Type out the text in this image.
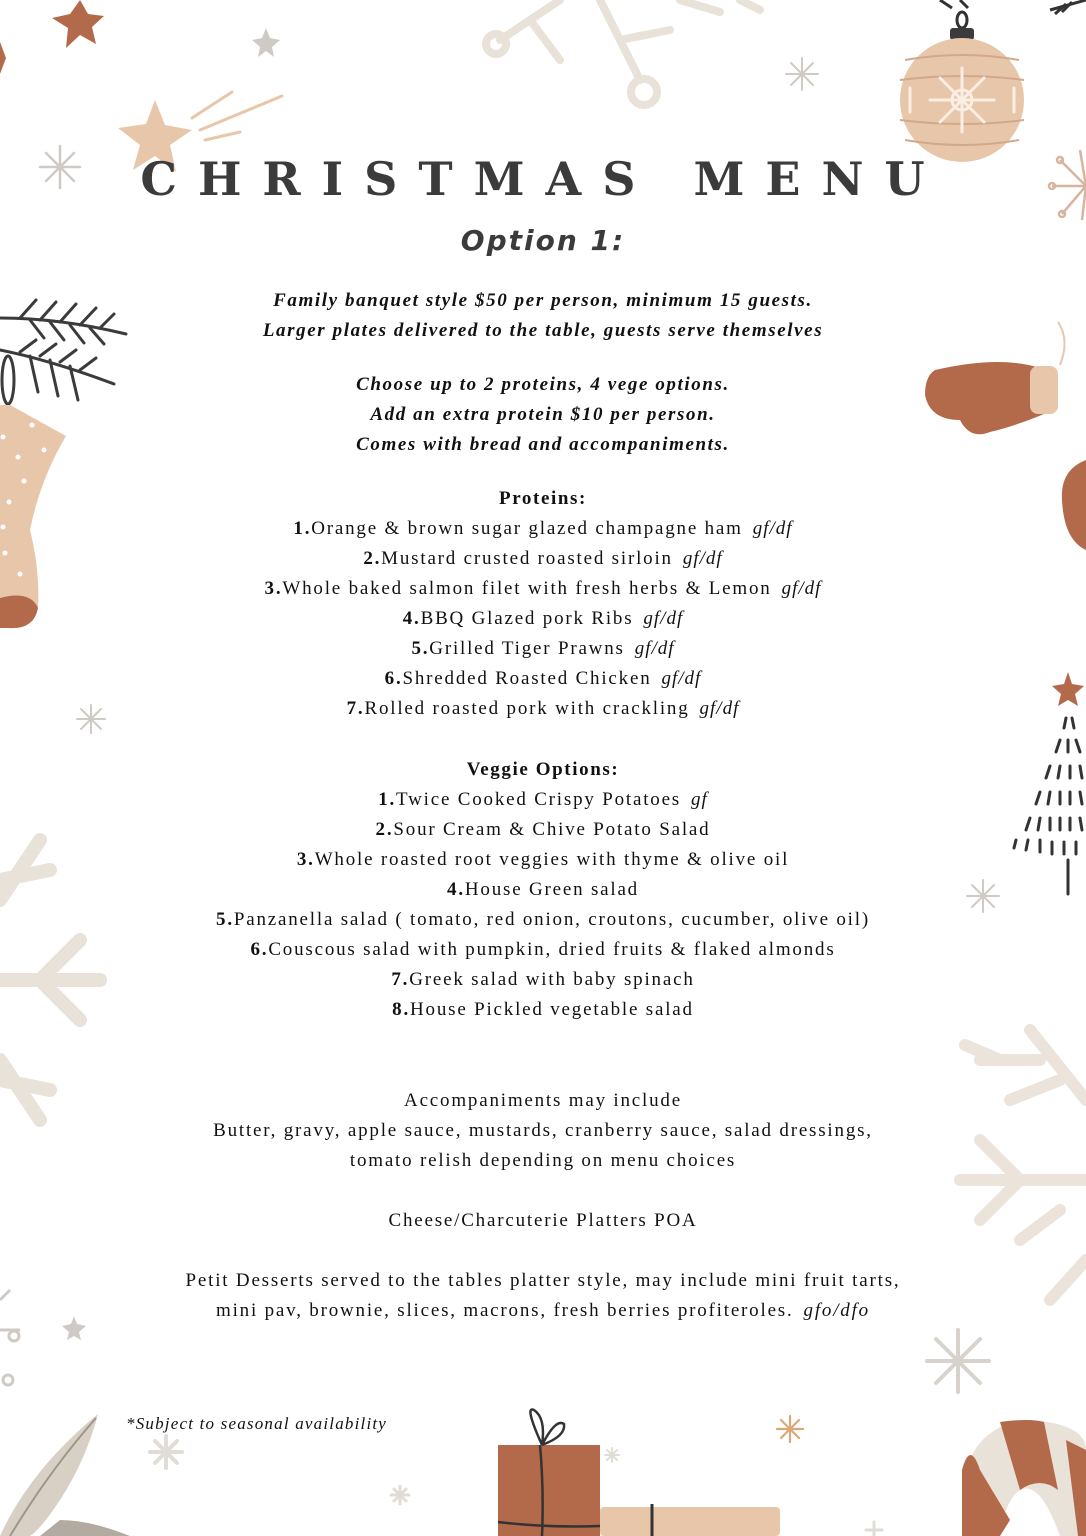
CHRISTMAS MENU
Option 1:
Family banquet style $50 per person, minimum 15 guests.
Larger plates delivered to the table, guests serve themselves
Choose up to 2 proteins, 4 vege options.
Add an extra protein $10 per person.
Comes with bread and accompaniments.
Proteins:
1.Orange & brown sugar glazed champagne ham gf/df
2.Mustard crusted roasted sirloin gf/df
3.Whole baked salmon filet with fresh herbs & Lemon gf/df
4.BBQ Glazed pork Ribs gf/df
5.Grilled Tiger Prawns gf/df
6.Shredded Roasted Chicken gf/df
7.Rolled roasted pork with crackling gf/df
Veggie Options:
1.Twice Cooked Crispy Potatoes gf
2.Sour Cream & Chive Potato Salad
3.Whole roasted root veggies with thyme & olive oil
4.House Green salad
5.Panzanella salad ( tomato, red onion, croutons, cucumber, olive oil)
6.Couscous salad with pumpkin, dried fruits & flaked almonds
7.Greek salad with baby spinach
8.House Pickled vegetable salad
Accompaniments may include
Butter, gravy, apple sauce, mustards, cranberry sauce, salad dressings,
tomato relish depending on menu choices
Cheese/Charcuterie Platters POA
Petit Desserts served to the tables platter style, may include mini fruit tarts,
mini pav, brownie, slices, macrons, fresh berries profiteroles. gfo/dfo
*Subject to seasonal availability
